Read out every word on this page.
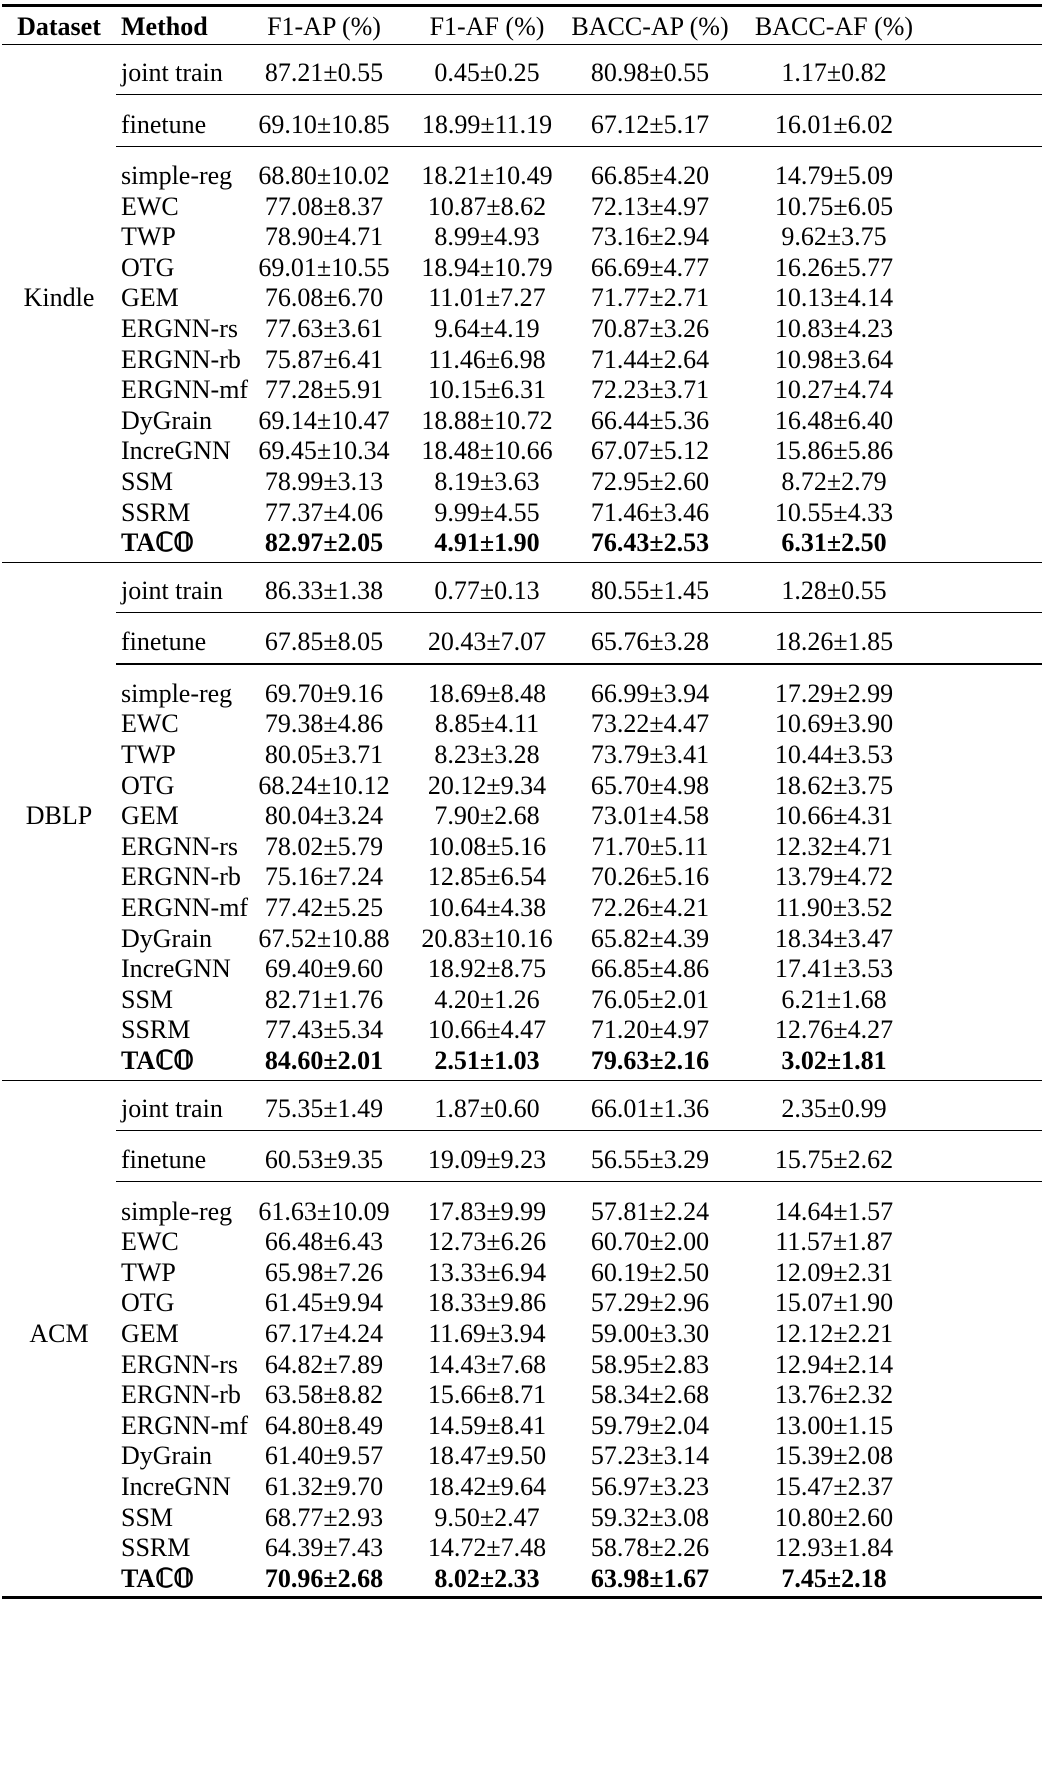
Dataset Method F1-AP (%) F1-AF (%) BACC-AP (%) BACC-AF (%)
joint train 87.21±0.55 0.45±0.25 80.98±0.55	1.17±0.82
finetune 69.10±10.85 18.99±11.19 67.12±5.17	16.01±6.02
simple-reg 68.80±10.02 18.21±10.49 66.85±4.20	14.79±5.09
EWC	77.08±8.37 10.87±8.62 72.13±4.97	10.75±6.05
TWP	78.90±4.71 8.99±4.93 73.16±2.94	9.62±3.75
OTG	69.01±10.55 18.94±10.79 66.69±4.77	16.26±5.77
GEM	76.08±6.70 11.01±7.27 71.77±2.71	10.13±4.14
ERGNN-rs 77.63±3.61 9.64±4.19 70.87±3.26	10.83±4.23
ERGNN-rb 75.87±6.41 11.46±6.98 71.44±2.64	10.98±3.64
ERGNN-mf 77.28±5.91 10.15±6.31 72.23±3.71	10.27±4.74
DyGrain 69.14±10.47 18.88±10.72 66.44±5.36	16.48±6.40
IncreGNN 69.45±10.34 18.48±10.66 67.07±5.12	15.86±5.86
SSM	78.99±3.13 8.19±3.63 72.95±2.60	8.72±2.79
SSRM	77.37±4.06 9.99±4.55 71.46±3.46	10.55±4.33
TAℂ𝕆	82.97±2.05 4.91±1.90 76.43±2.53	6.31±2.50
Kindle
joint train 86.33±1.38 0.77±0.13 80.55±1.45	1.28±0.55
finetune 67.85±8.05 20.43±7.07 65.76±3.28	18.26±1.85
simple-reg 69.70±9.16 18.69±8.48 66.99±3.94	17.29±2.99
EWC	79.38±4.86 8.85±4.11 73.22±4.47	10.69±3.90
TWP	80.05±3.71 8.23±3.28 73.79±3.41	10.44±3.53
OTG	68.24±10.12 20.12±9.34 65.70±4.98	18.62±3.75
GEM	80.04±3.24 7.90±2.68 73.01±4.58	10.66±4.31
ERGNN-rs 78.02±5.79 10.08±5.16 71.70±5.11	12.32±4.71
ERGNN-rb 75.16±7.24 12.85±6.54 70.26±5.16	13.79±4.72
ERGNN-mf 77.42±5.25 10.64±4.38 72.26±4.21	11.90±3.52
DyGrain 67.52±10.88 20.83±10.16 65.82±4.39	18.34±3.47
IncreGNN 69.40±9.60 18.92±8.75 66.85±4.86	17.41±3.53
SSM	82.71±1.76 4.20±1.26 76.05±2.01	6.21±1.68
SSRM	77.43±5.34 10.66±4.47 71.20±4.97	12.76±4.27
TAℂ𝕆	84.60±2.01 2.51±1.03 79.63±2.16	3.02±1.81
DBLP
joint train 75.35±1.49 1.87±0.60 66.01±1.36	2.35±0.99
finetune 60.53±9.35 19.09±9.23 56.55±3.29	15.75±2.62
simple-reg 61.63±10.09 17.83±9.99 57.81±2.24	14.64±1.57
EWC	66.48±6.43 12.73±6.26 60.70±2.00	11.57±1.87
TWP	65.98±7.26 13.33±6.94 60.19±2.50	12.09±2.31
OTG	61.45±9.94 18.33±9.86 57.29±2.96	15.07±1.90
GEM	67.17±4.24 11.69±3.94 59.00±3.30	12.12±2.21
ERGNN-rs 64.82±7.89 14.43±7.68 58.95±2.83	12.94±2.14
ERGNN-rb 63.58±8.82 15.66±8.71 58.34±2.68	13.76±2.32
ERGNN-mf 64.80±8.49 14.59±8.41 59.79±2.04	13.00±1.15
DyGrain 61.40±9.57 18.47±9.50 57.23±3.14	15.39±2.08
IncreGNN 61.32±9.70 18.42±9.64 56.97±3.23	15.47±2.37
SSM	68.77±2.93 9.50±2.47 59.32±3.08	10.80±2.60
SSRM	64.39±7.43 14.72±7.48 58.78±2.26	12.93±1.84
TAℂ𝕆	70.96±2.68 8.02±2.33 63.98±1.67	7.45±2.18
ACM
